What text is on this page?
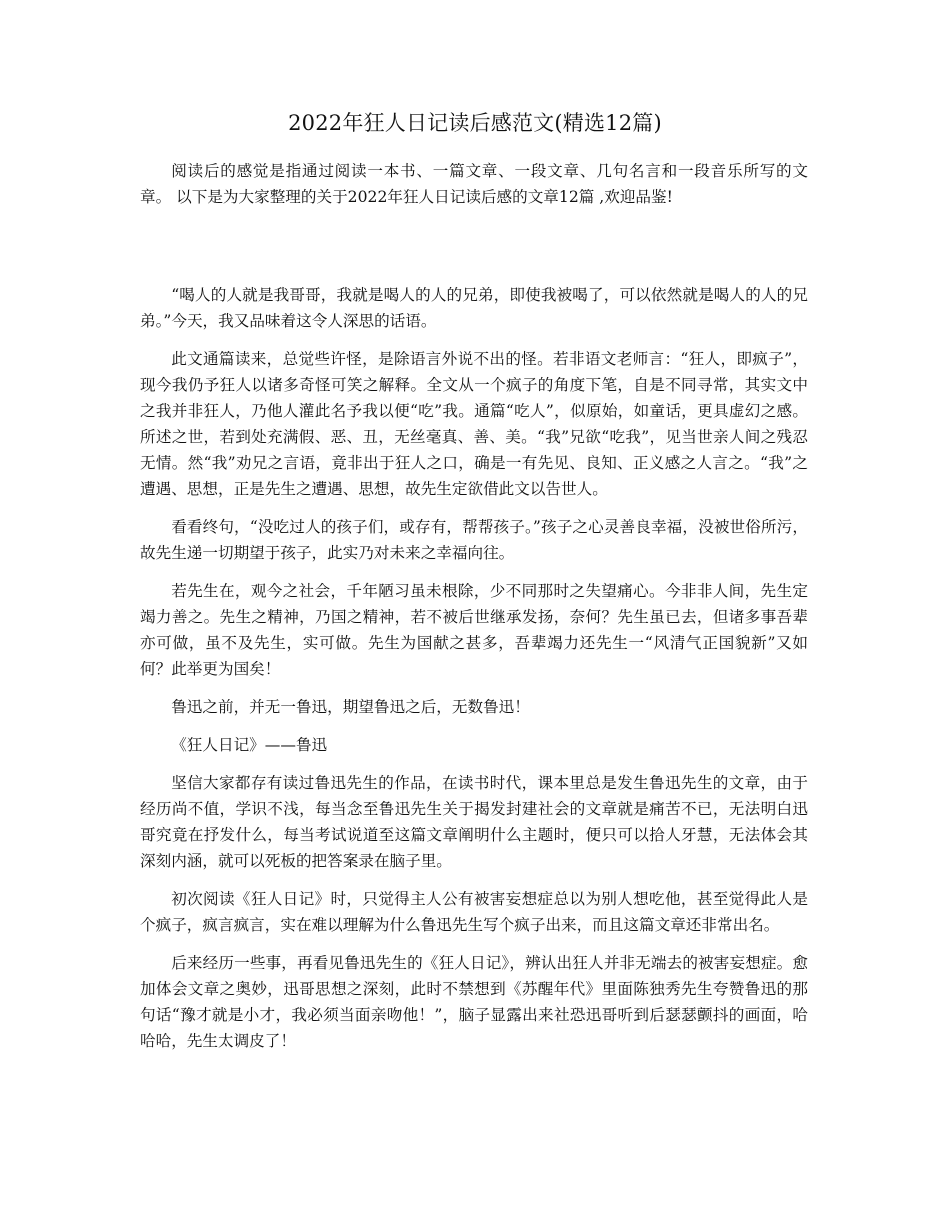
2022年狂人日记读后感范文(精选12篇)

阅读后的感觉是指通过阅读一本书、一篇文章、一段文章、几句名言和一段音乐所写的文章。 以下是为大家整理的关于2022年狂人日记读后感的文章12篇 ,欢迎品鉴!

“喝人的人就是我哥哥，我就是喝人的人的兄弟，即使我被喝了，可以依然就是喝人的人的兄弟。”今天，我又品味着这令人深思的话语。

此文通篇读来，总觉些许怪，是除语言外说不出的怪。若非语文老师言：“狂人，即疯子”，现今我仍予狂人以诸多奇怪可笑之解释。全文从一个疯子的角度下笔，自是不同寻常，其实文中之我并非狂人，乃他人灌此名予我以便“吃”我。通篇“吃人”，似原始，如童话，更具虚幻之感。所述之世，若到处充满假、恶、丑，无丝毫真、善、美。“我”兄欲“吃我”，见当世亲人间之残忍无情。然“我”劝兄之言语，竟非出于狂人之口，确是一有先见、良知、正义感之人言之。“我”之遭遇、思想，正是先生之遭遇、思想，故先生定欲借此文以告世人。

看看终句，“没吃过人的孩子们，或存有，帮帮孩子。”孩子之心灵善良幸福，没被世俗所污，故先生递一切期望于孩子，此实乃对未来之幸福向往。

若先生在，观今之社会，千年陋习虽未根除，少不同那时之失望痛心。今非非人间，先生定竭力善之。先生之精神，乃国之精神，若不被后世继承发扬，奈何？先生虽已去，但诸多事吾辈亦可做，虽不及先生，实可做。先生为国献之甚多，吾辈竭力还先生一“风清气正国貌新”又如何？此举更为国矣！

鲁迅之前，并无一鲁迅，期望鲁迅之后，无数鲁迅！

《狂人日记》——鲁迅

坚信大家都存有读过鲁迅先生的作品，在读书时代，课本里总是发生鲁迅先生的文章，由于经历尚不值，学识不浅，每当念至鲁迅先生关于揭发封建社会的文章就是痛苦不已，无法明白迅哥究竟在抒发什么，每当考试说道至这篇文章阐明什么主题时，便只可以拾人牙慧，无法体会其深刻内涵，就可以死板的把答案录在脑子里。

初次阅读《狂人日记》时，只觉得主人公有被害妄想症总以为别人想吃他，甚至觉得此人是个疯子，疯言疯言，实在难以理解为什么鲁迅先生写个疯子出来，而且这篇文章还非常出名。

后来经历一些事，再看见鲁迅先生的《狂人日记》，辨认出狂人并非无端去的被害妄想症。愈加体会文章之奥妙，迅哥思想之深刻，此时不禁想到《苏醒年代》里面陈独秀先生夸赞鲁迅的那句话“豫才就是小才，我必须当面亲吻他！”，脑子显露出来社恐迅哥听到后瑟瑟颤抖的画面，哈哈哈，先生太调皮了！
